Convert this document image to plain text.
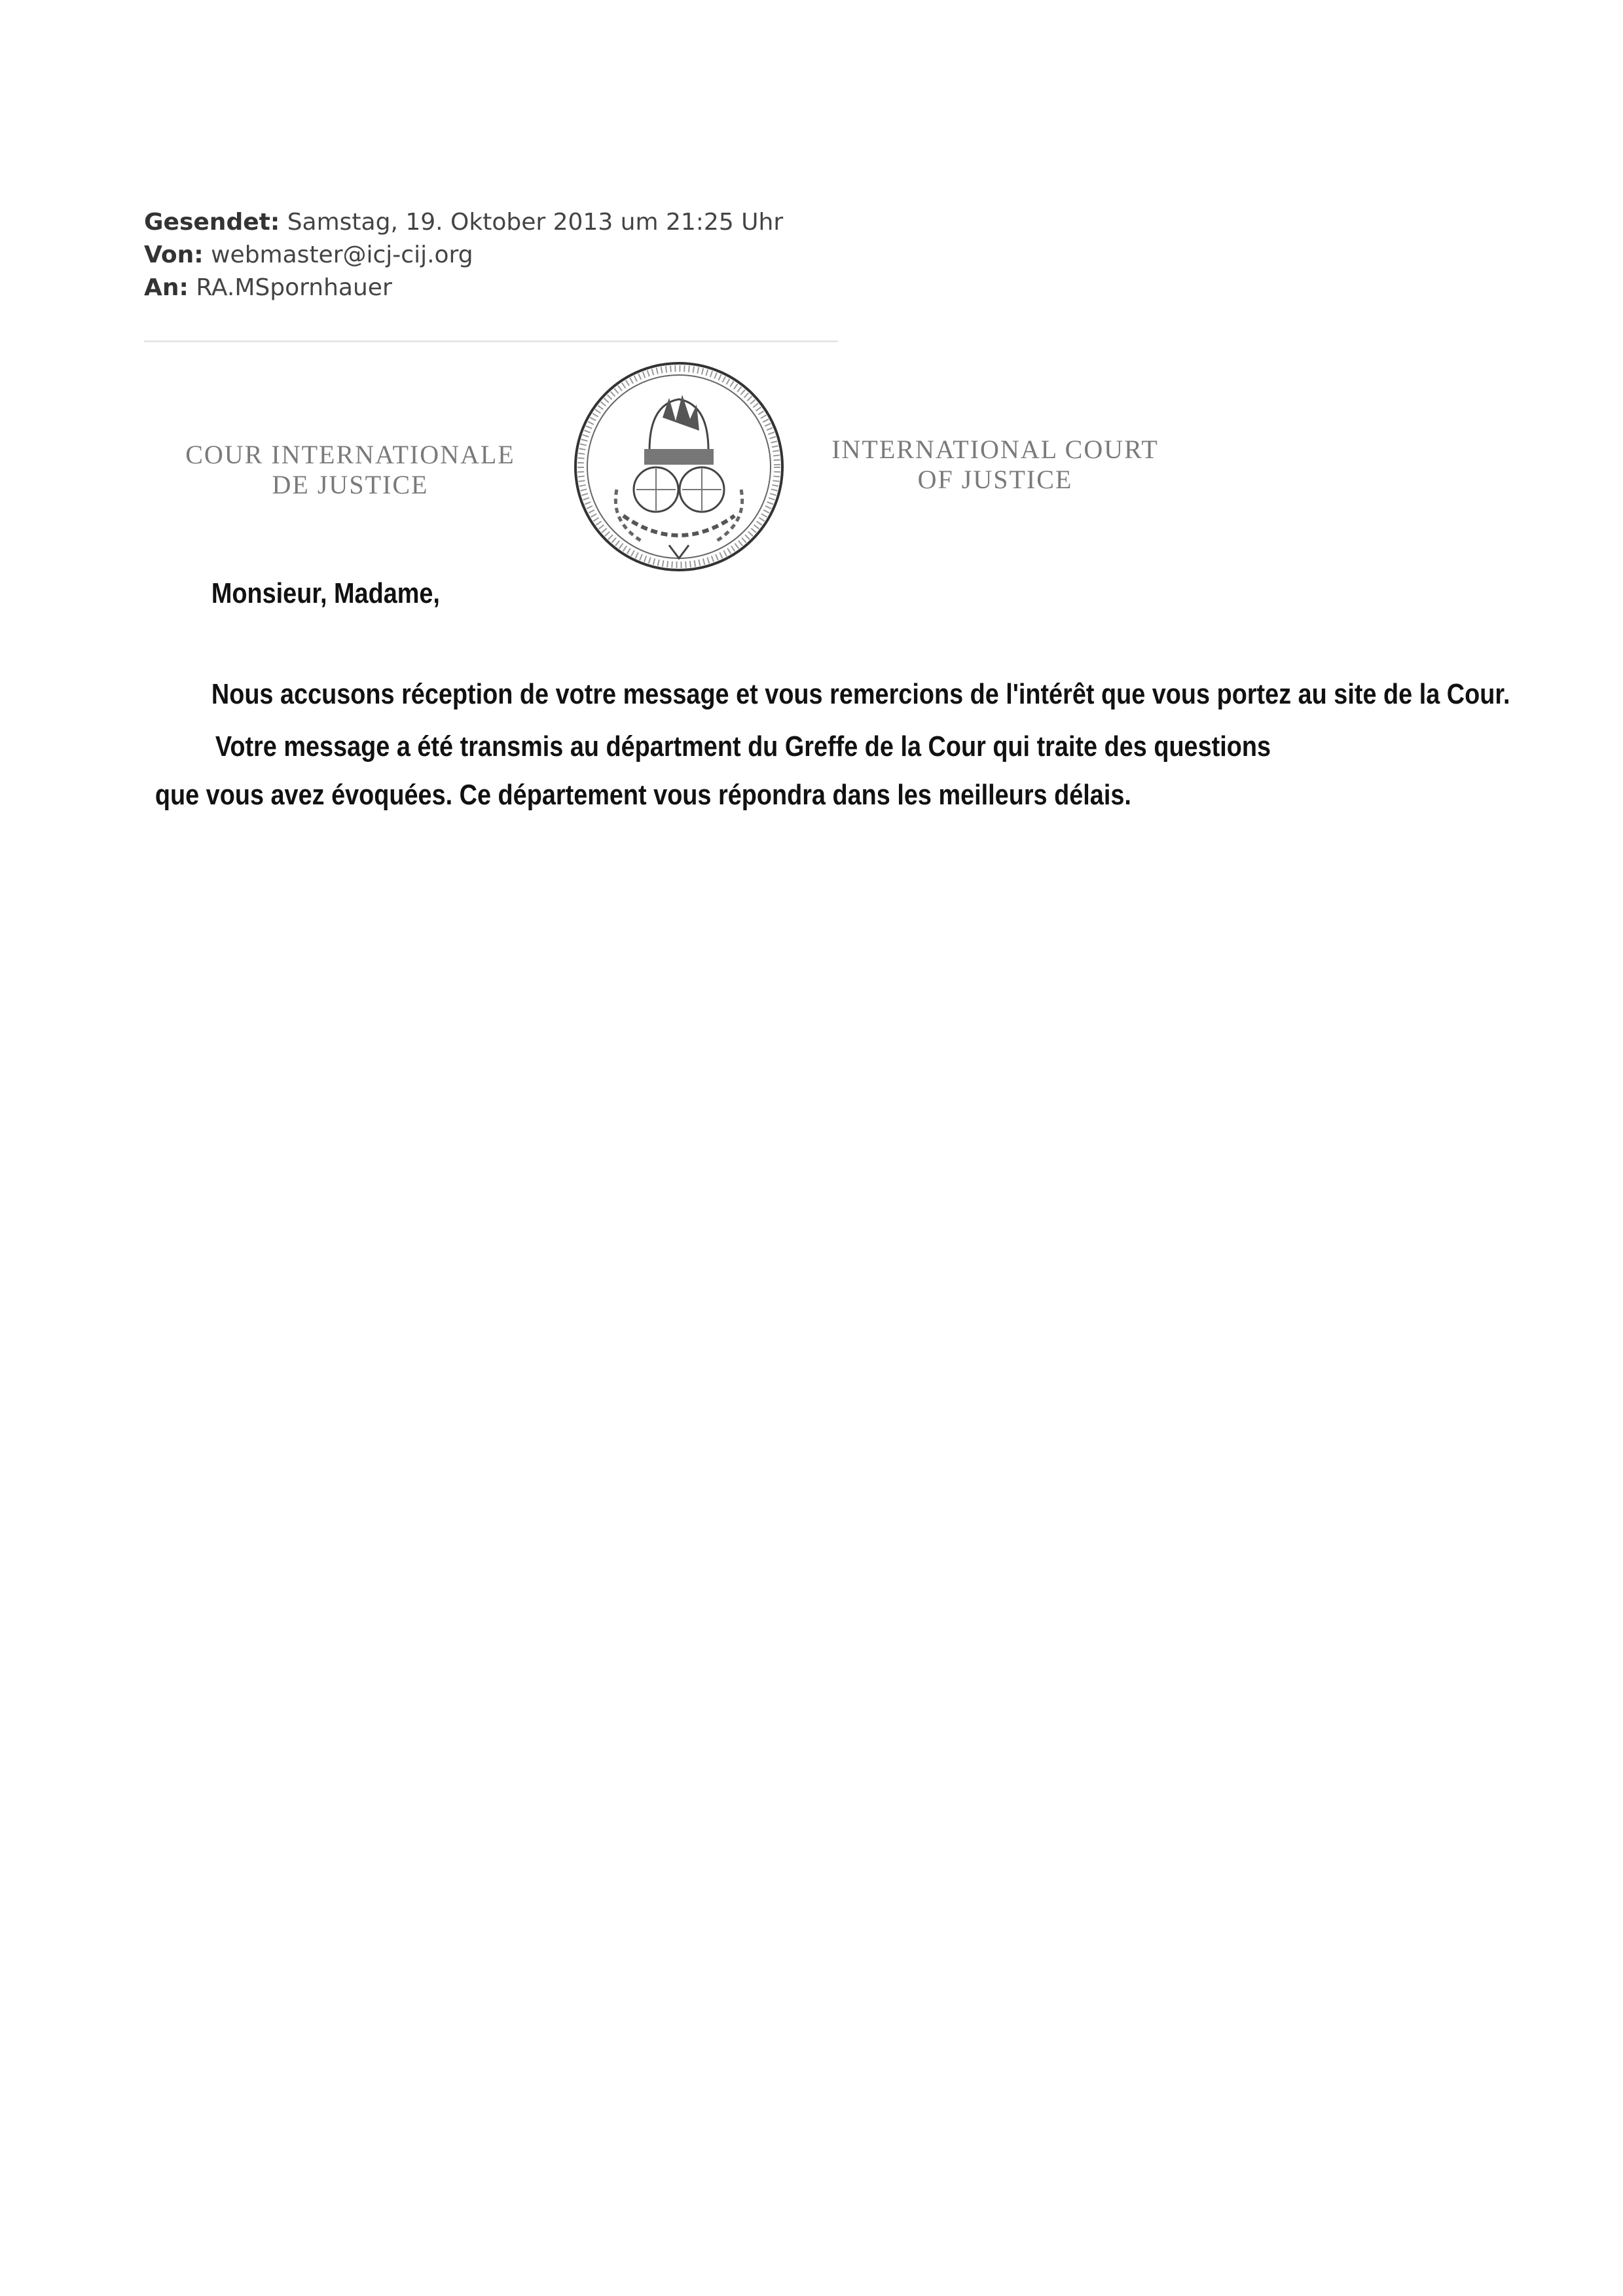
Gesendet: Samstag, 19. Oktober 2013 um 21:25 Uhr
Von: webmaster@icj-cij.org
An: RA.MSpornhauer
COUR INTERNATIONALE
DE JUSTICE
INTERNATIONAL COURT
OF JUSTICE

Monsieur, Madame,

Nous accusons réception de votre message et vous remercions de l'intérêt que vous portez au site de la Cour.

Votre message a été transmis au départment du Greffe de la Cour qui traite des questions

que vous avez évoquées. Ce département vous répondra dans les meilleurs délais.
